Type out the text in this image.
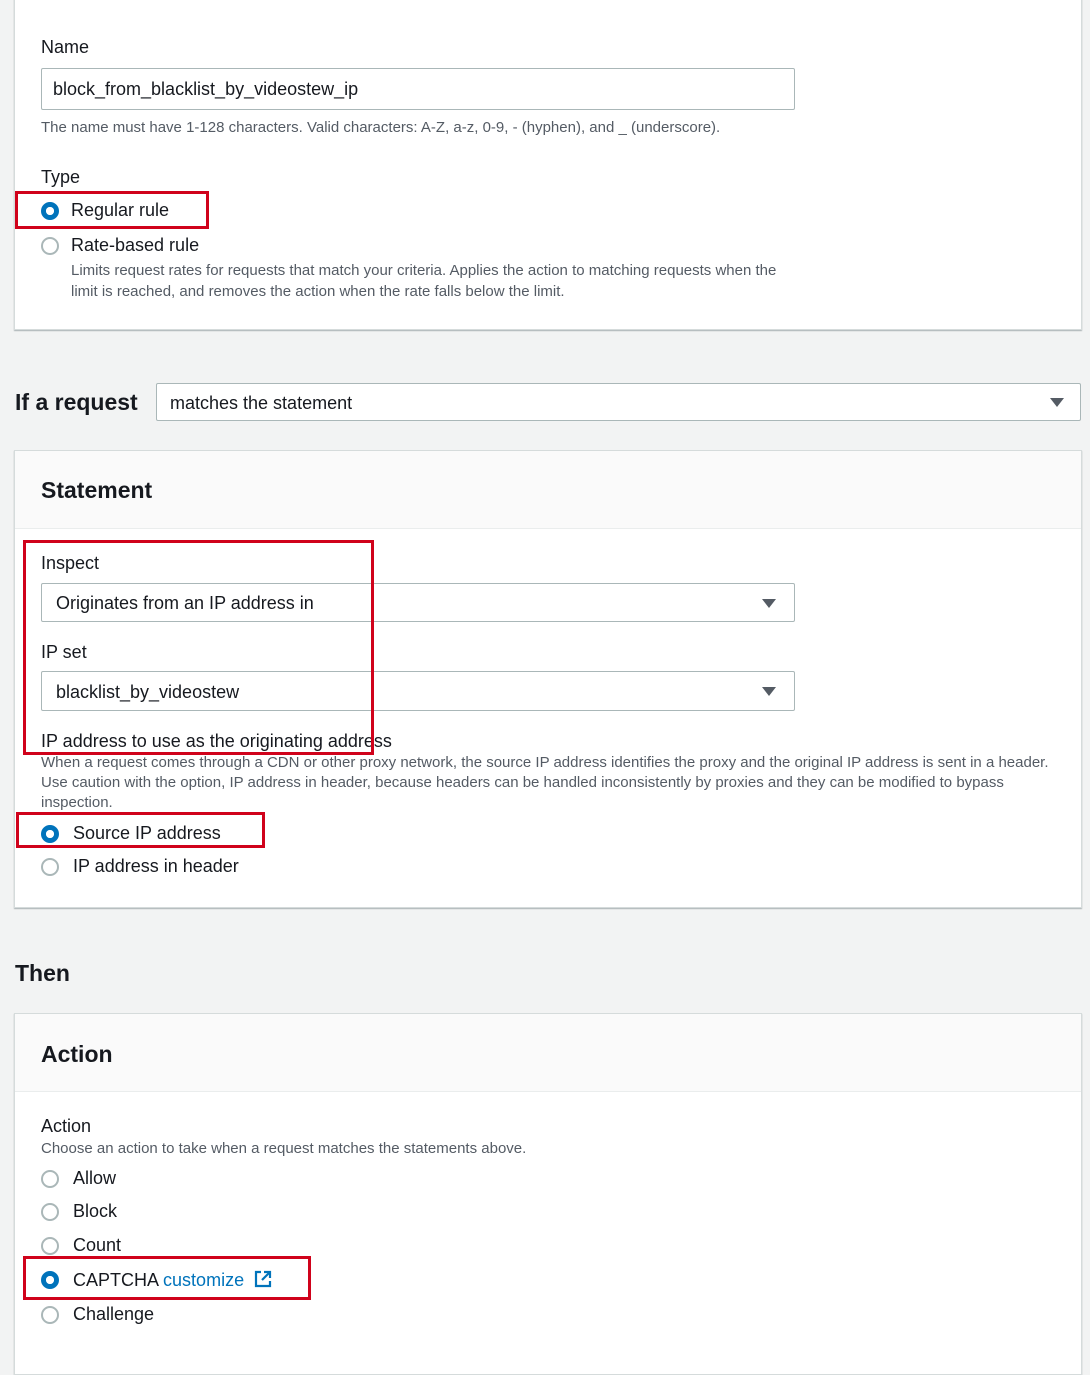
Name
block_from_blacklist_by_videostew_ip
The name must have 1-128 characters. Valid characters: A-Z, a-z, 0-9, - (hyphen), and _ (underscore).
Type
Regular rule
Rate-based rule
Limits request rates for requests that match your criteria. Applies the action to matching requests when the limit is reached, and removes the action when the rate falls below the limit.
If a request matches the statement
Statement
Inspect
Originates from an IP address in
IP set
blacklist_by_videostew
IP address to use as the originating address
When a request comes through a CDN or other proxy network, the source IP address identifies the proxy and the original IP address is sent in a header. Use caution with the option, IP address in header, because headers can be handled inconsistently by proxies and they can be modified to bypass inspection.
Source IP address
IP address in header
Then
Action
Action
Choose an action to take when a request matches the statements above.
Allow
Block
Count
CAPTCHA customize
Challenge
